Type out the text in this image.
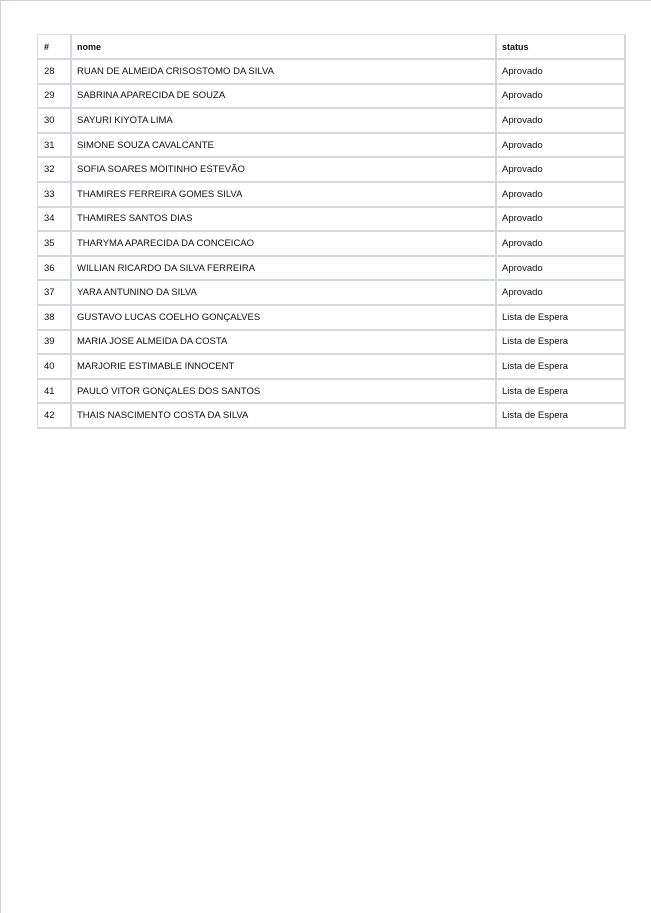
#	nome	status
28	RUAN DE ALMEIDA CRISOSTOMO DA SILVA	Aprovado
29	SABRINA APARECIDA DE SOUZA	Aprovado
30	SAYURI KIYOTA LIMA	Aprovado
31	SIMONE SOUZA CAVALCANTE	Aprovado
32	SOFIA SOARES MOITINHO ESTEVÃO	Aprovado
33	THAMIRES FERREIRA GOMES SILVA	Aprovado
34	THAMIRES SANTOS DIAS	Aprovado
35	THARYMA APARECIDA DA CONCEICAO	Aprovado
36	WILLIAN RICARDO DA SILVA FERREIRA	Aprovado
37	YARA ANTUNINO DA SILVA	Aprovado
38	GUSTAVO LUCAS COELHO GONÇALVES	Lista de Espera
39	MARIA JOSE ALMEIDA DA COSTA	Lista de Espera
40	MARJORIE ESTIMABLE INNOCENT	Lista de Espera
41	PAULO VITOR GONÇALES DOS SANTOS	Lista de Espera
42	THAIS NASCIMENTO COSTA DA SILVA	Lista de Espera
